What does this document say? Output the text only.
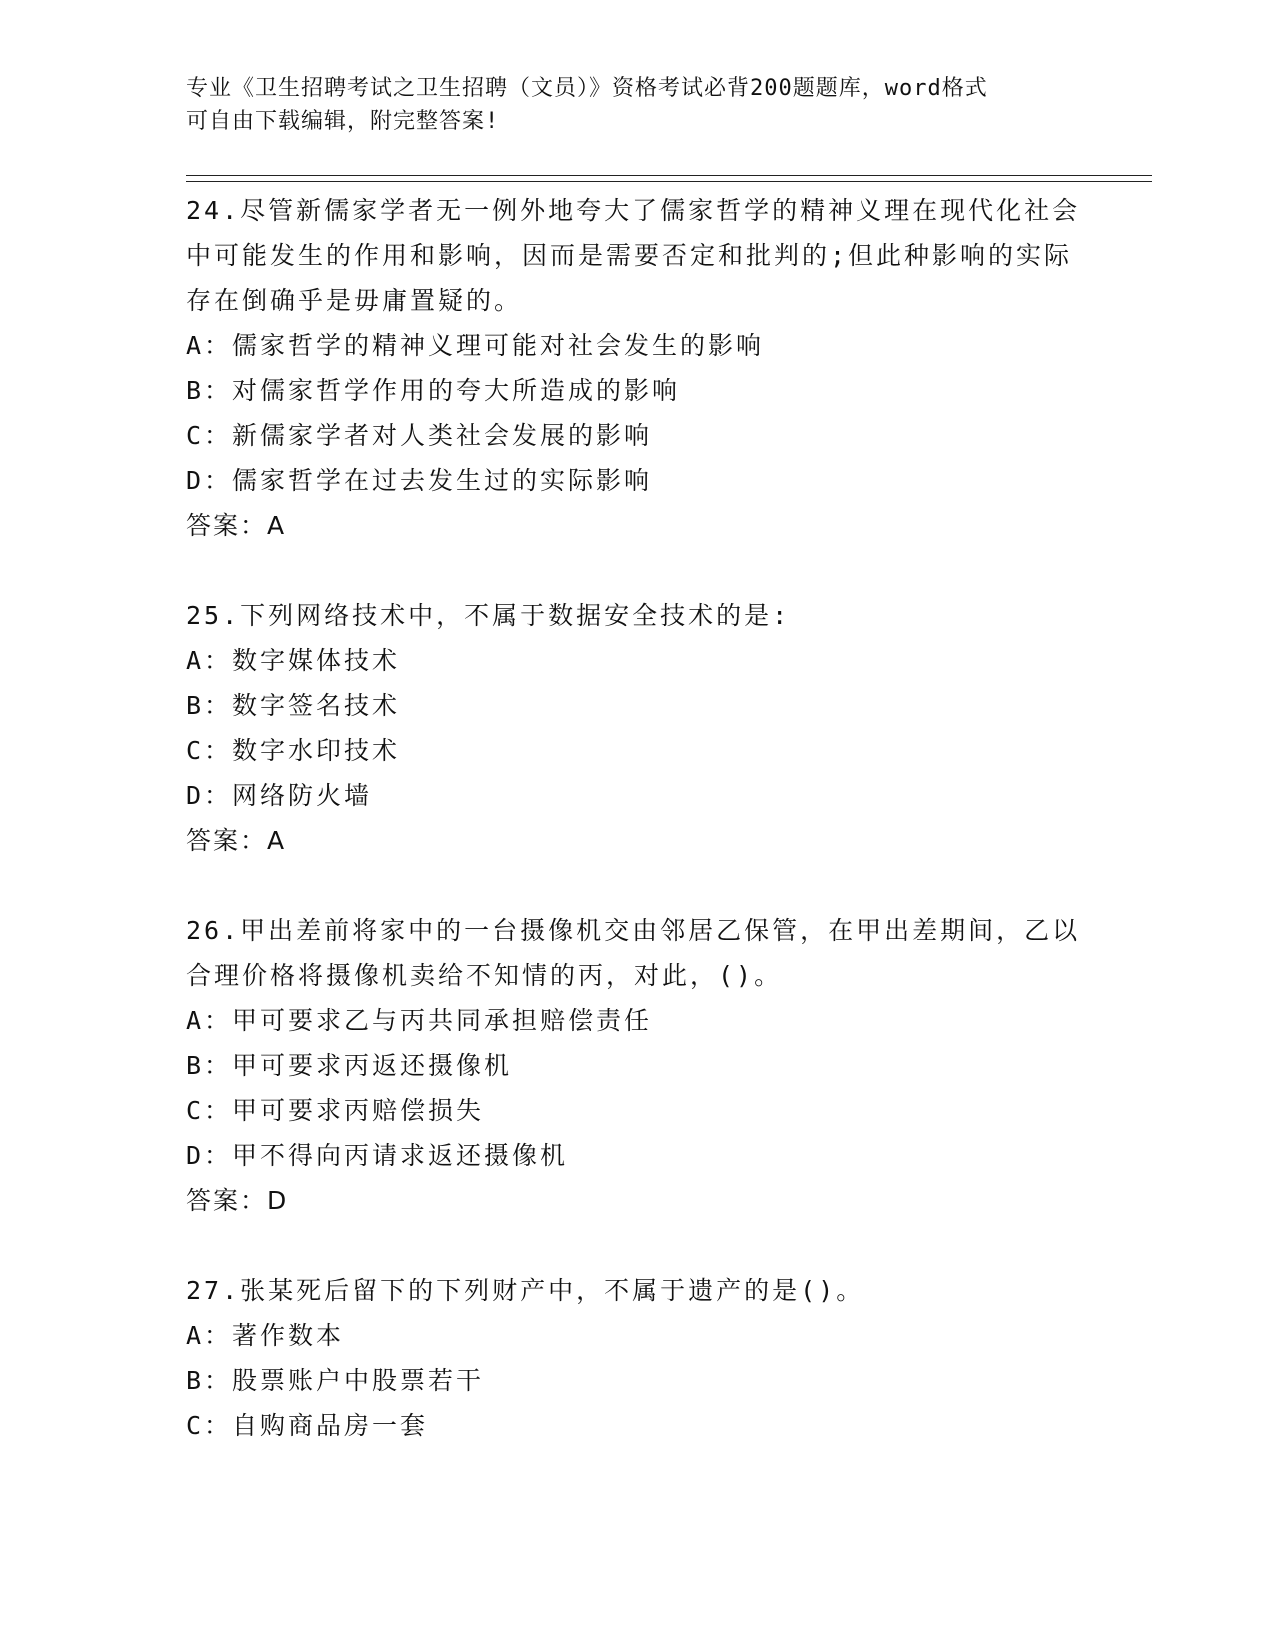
专业《卫生招聘考试之卫生招聘（文员）》资格考试必背200题题库，word格式
可自由下载编辑，附完整答案!
24.尽管新儒家学者无一例外地夸大了儒家哲学的精神义理在现代化社会中可能发生的作用和影响，因而是需要否定和批判的;但此种影响的实际存在倒确乎是毋庸置疑的。
A：儒家哲学的精神义理可能对社会发生的影响
B：对儒家哲学作用的夸大所造成的影响
C：新儒家学者对人类社会发展的影响
D：儒家哲学在过去发生过的实际影响
答案：A
25.下列网络技术中，不属于数据安全技术的是:
A：数字媒体技术
B：数字签名技术
C：数字水印技术
D：网络防火墙
答案：A
26.甲出差前将家中的一台摄像机交由邻居乙保管，在甲出差期间，乙以合理价格将摄像机卖给不知情的丙，对此，()。
A：甲可要求乙与丙共同承担赔偿责任
B：甲可要求丙返还摄像机
C：甲可要求丙赔偿损失
D：甲不得向丙请求返还摄像机
答案：D
27.张某死后留下的下列财产中，不属于遗产的是()。
A：著作数本
B：股票账户中股票若干
C：自购商品房一套
